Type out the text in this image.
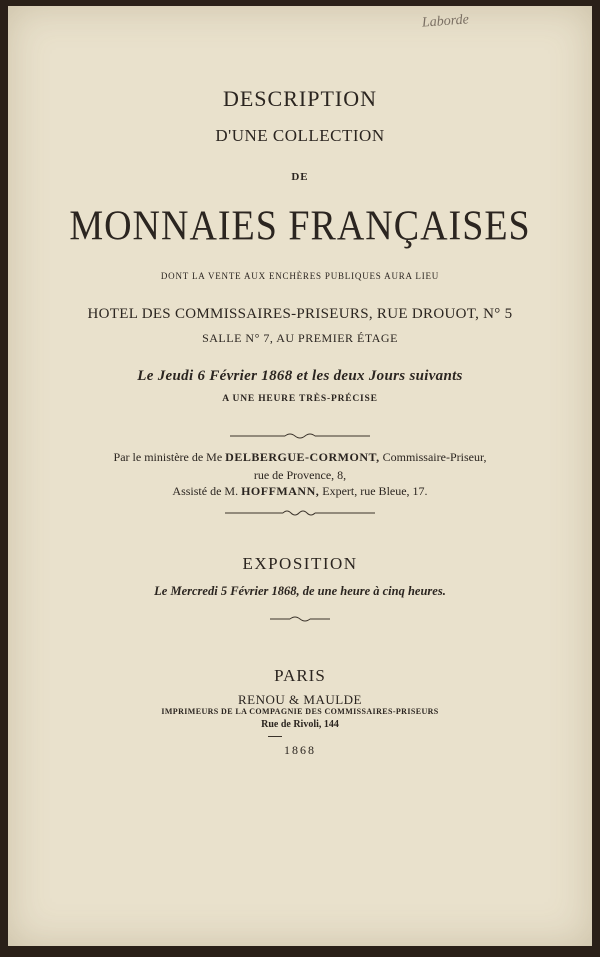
Laborde
DESCRIPTION
D'UNE COLLECTION
DE
MONNAIES FRANÇAISES
DONT LA VENTE AUX ENCHÈRES PUBLIQUES AURA LIEU
HOTEL DES COMMISSAIRES-PRISEURS, RUE DROUOT, N° 5
SALLE N° 7, AU PREMIER ÉTAGE
Le Jeudi 6 Février 1868 et les deux Jours suivants
A UNE HEURE TRÈS-PRÉCISE
Par le ministère de Me DELBERGUE-CORMONT, Commissaire-Priseur,
rue de Provence, 8,
Assisté de M. HOFFMANN, Expert, rue Bleue, 17.
EXPOSITION
Le Mercredi 5 Février 1868, de une heure à cinq heures.
PARIS
RENOU & MAULDE
IMPRIMEURS DE LA COMPAGNIE DES COMMISSAIRES-PRISEURS
Rue de Rivoli, 144
1868
